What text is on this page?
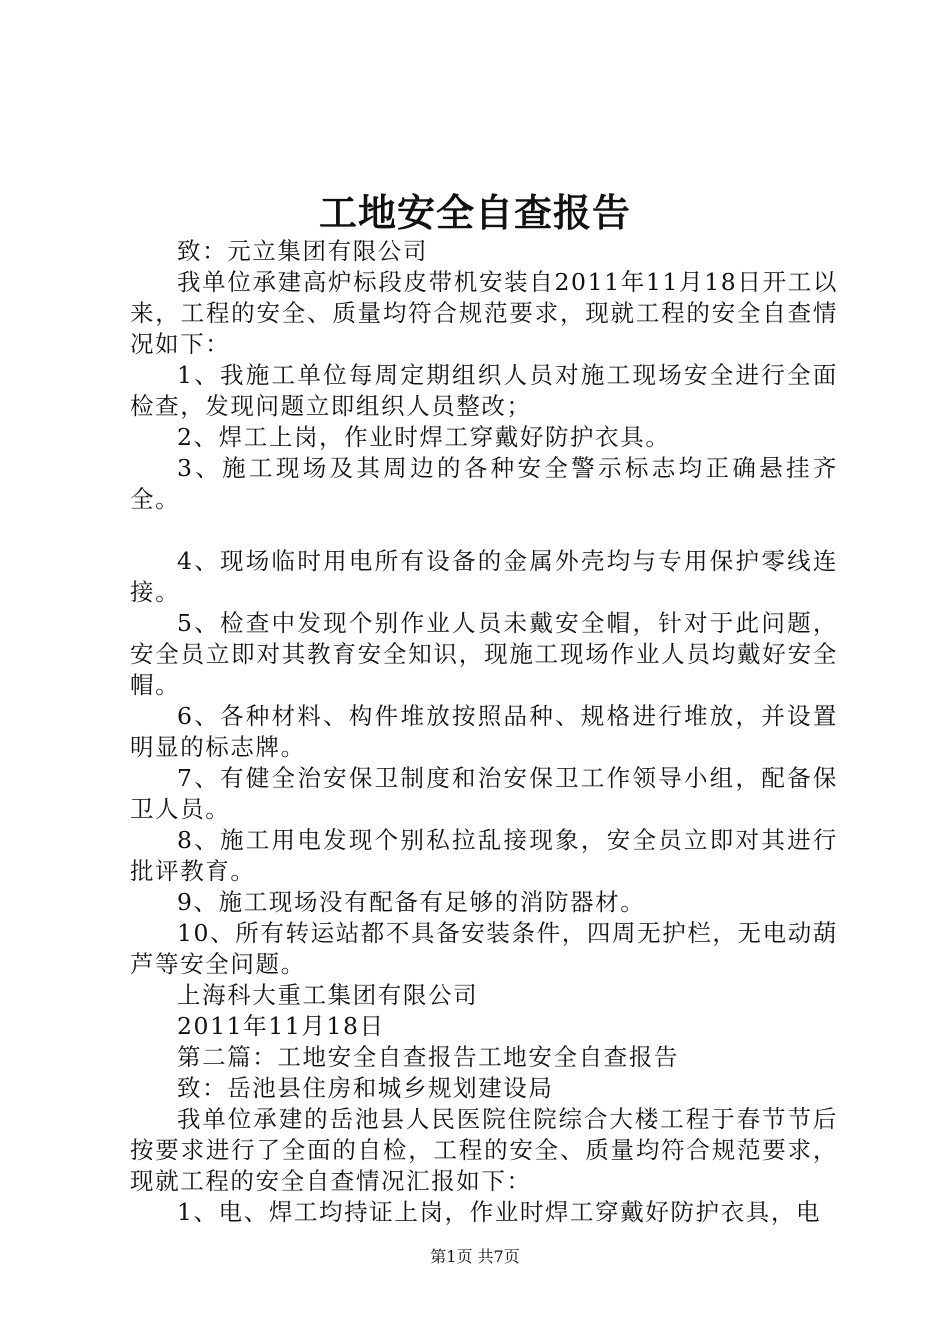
工地安全自查报告

致：元立集团有限公司

我单位承建高炉标段皮带机安装自2011年11月18日开工以来，工程的安全、质量均符合规范要求，现就工程的安全自查情况如下：

1、我施工单位每周定期组织人员对施工现场安全进行全面检查，发现问题立即组织人员整改；

2、焊工上岗，作业时焊工穿戴好防护衣具。

3、施工现场及其周边的各种安全警示标志均正确悬挂齐全。

4、现场临时用电所有设备的金属外壳均与专用保护零线连接。

5、检查中发现个别作业人员未戴安全帽，针对于此问题，安全员立即对其教育安全知识，现施工现场作业人员均戴好安全帽。

6、各种材料、构件堆放按照品种、规格进行堆放，并设置明显的标志牌。

7、有健全治安保卫制度和治安保卫工作领导小组，配备保卫人员。

8、施工用电发现个别私拉乱接现象，安全员立即对其进行批评教育。

9、施工现场没有配备有足够的消防器材。

10、所有转运站都不具备安装条件，四周无护栏，无电动葫芦等安全问题。

上海科大重工集团有限公司

2011年11月18日

第二篇：工地安全自查报告工地安全自查报告

致：岳池县住房和城乡规划建设局

我单位承建的岳池县人民医院住院综合大楼工程于春节节后按要求进行了全面的自检，工程的安全、质量均符合规范要求，现就工程的安全自查情况汇报如下：

1、电、焊工均持证上岗，作业时焊工穿戴好防护衣具，电

第1页 共7页
